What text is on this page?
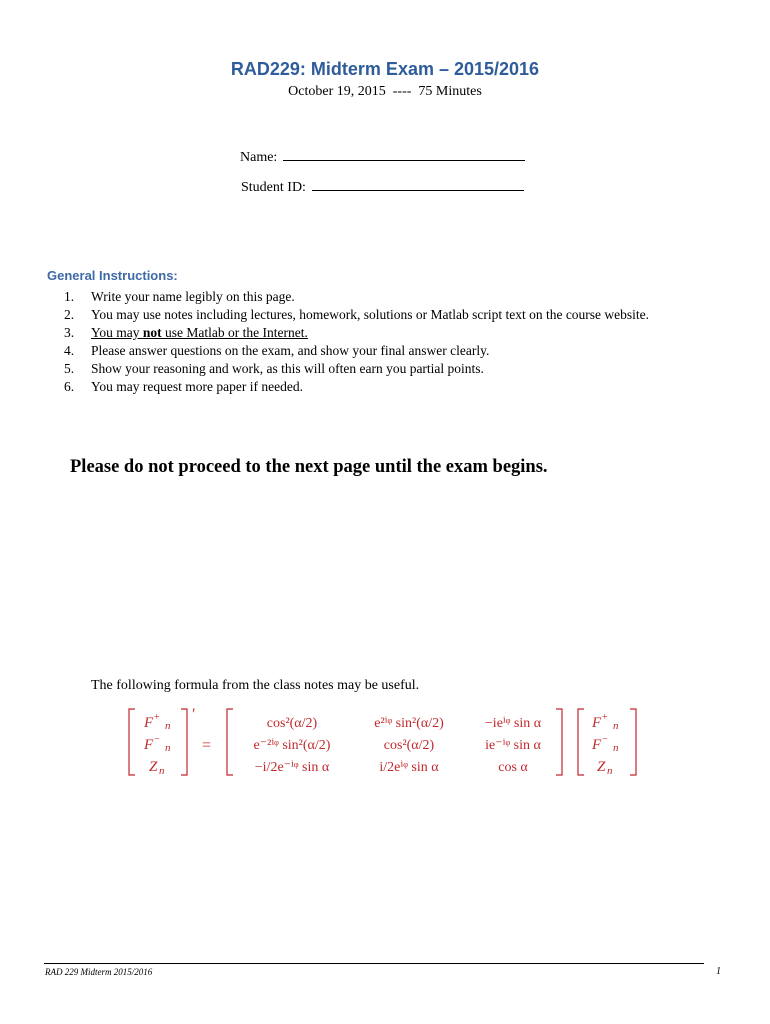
RAD229: Midterm Exam – 2015/2016
October 19, 2015  ----  75 Minutes
Name:
Student ID:
General Instructions:
1. Write your name legibly on this page.
2. You may use notes including lectures, homework, solutions or Matlab script text on the course website.
3. You may not use Matlab or the Internet.
4. Please answer questions on the exam, and show your final answer clearly.
5. Show your reasoning and work, as this will often earn you partial points.
6. You may request more paper if needed.
Please do not proceed to the next page until the exam begins.
The following formula from the class notes may be useful.
F +
n
F −
n
Z n
′
=
cos²(α/2)	e²ⁱᵠ sin²(α/2)	−ieⁱᵠ sin α
e⁻²ⁱᵠ sin²(α/2)	cos²(α/2)	ie⁻ⁱᵠ sin α
−i/2e⁻ⁱᵠ sin α	i/2eⁱᵠ sin α	cos α
F +
n
F −
n
Z n
RAD 229 Midterm 2015/2016	1
